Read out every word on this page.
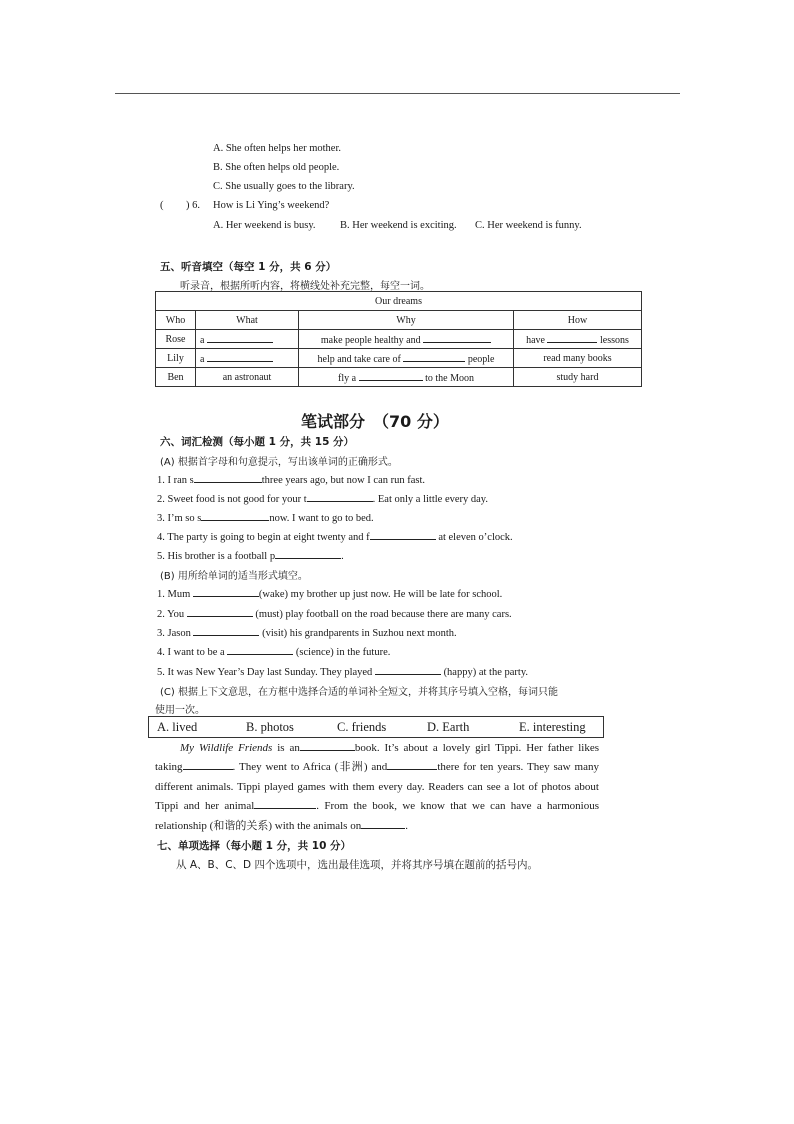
A. She often helps her mother.
B. She often helps old people.
C. She usually goes to the library.
( ) 6. How is Li Ying’s weekend?
A. Her weekend is busy. B. Her weekend is exciting. C. Her weekend is funny.
五、听音填空（每空 1 分，共 6 分）
听录音，根据所听内容，将横线处补充完整，每空一词。
Our dreams			
Who	What	Why	How
Rose	a	make people healthy and	have lessons
Lily	a	help and take care of people	read many books
Ben	an astronaut	fly a to the Moon	study hard
笔试部分　（70 分）
六、词汇检测（每小题 1 分，共 15 分）
(A) 根据首字母和句意提示，写出该单词的正确形式。
1. I ran s	three years ago, but now I can run fast.
2. Sweet food is not good for your t	. Eat only a little every day.
3. I’m so s	now. I want to go to bed.
4. The party is going to begin at eight twenty and f	at eleven o’clock.
5. His brother is a football p	.
(B) 用所给单词的适当形式填空。
1. Mum	(wake) my brother up just now. He will be late for school.
2. You	(must) play football on the road because there are many cars.
3. Jason	(visit) his grandparents in Suzhou next month.
4. I want to be a	(science) in the future.
5. It was New Year’s Day last Sunday. They played	(happy) at the party.
(C) 根据上下文意思，在方框中选择合适的单词补全短文，并将其序号填入空格，每词只能
使用一次。
A. lived	B. photos	C. friends	D. Earth	E. interesting
My Wildlife Friends is an	book. It’s about a lovely girl Tippi. Her father likes taking	. They went to Africa (非洲) and	there for ten years. They saw many different animals. Tippi played games with them every day. Readers can see a lot of photos about Tippi and her animal	. From the book, we know that we can have a harmonious relationship (和谐的关系) with the animals on	.
七、单项选择（每小题 1 分，共 10 分）
从 A、B、C、D 四个选项中，选出最佳选项，并将其序号填在题前的括号内。
